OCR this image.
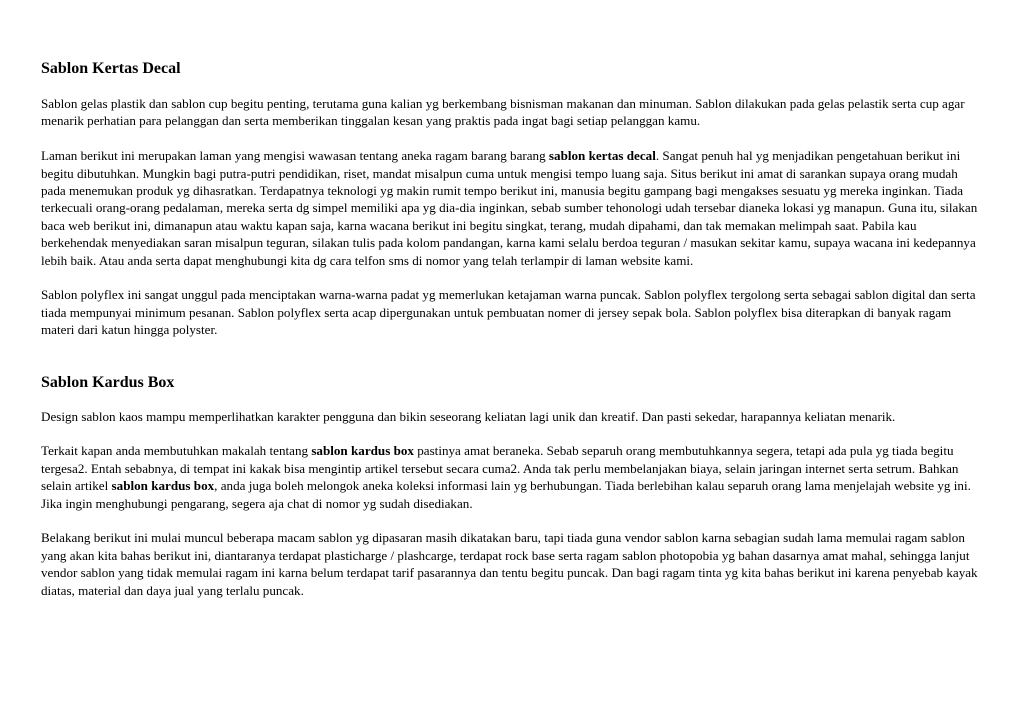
Sablon Kertas Decal

Sablon gelas plastik dan sablon cup begitu penting, terutama guna kalian yg berkembang bisnisman makanan dan minuman. Sablon dilakukan pada gelas pelastik serta cup agar menarik perhatian para pelanggan dan serta memberikan tinggalan kesan yang praktis pada ingat bagi setiap pelanggan kamu.

Laman berikut ini merupakan laman yang mengisi wawasan tentang aneka ragam barang barang sablon kertas decal. Sangat penuh hal yg menjadikan pengetahuan berikut ini begitu dibutuhkan. Mungkin bagi putra-putri pendidikan, riset, mandat misalpun cuma untuk mengisi tempo luang saja. Situs berikut ini amat di sarankan supaya orang mudah pada menemukan produk yg dihasratkan. Terdapatnya teknologi yg makin rumit tempo berikut ini, manusia begitu gampang bagi mengakses sesuatu yg mereka inginkan. Tiada terkecuali orang-orang pedalaman, mereka serta dg simpel memiliki apa yg dia-dia inginkan, sebab sumber tehonologi udah tersebar dianeka lokasi yg manapun. Guna itu, silakan baca web berikut ini, dimanapun atau waktu kapan saja, karna wacana berikut ini begitu singkat, terang, mudah dipahami, dan tak memakan melimpah saat. Pabila kau berkehendak menyediakan saran misalpun teguran, silakan tulis pada kolom pandangan, karna kami selalu berdoa teguran / masukan sekitar kamu, supaya wacana ini kedepannya lebih baik. Atau anda serta dapat menghubungi kita dg cara telfon sms di nomor yang telah terlampir di laman website kami.

Sablon polyflex ini sangat unggul pada menciptakan warna-warna padat yg memerlukan ketajaman warna puncak. Sablon polyflex tergolong serta sebagai sablon digital dan serta tiada mempunyai minimum pesanan. Sablon polyflex serta acap dipergunakan untuk pembuatan nomer di jersey sepak bola. Sablon polyflex bisa diterapkan di banyak ragam materi dari katun hingga polyster.

Sablon Kardus Box

Design sablon kaos mampu memperlihatkan karakter pengguna dan bikin seseorang keliatan lagi unik dan kreatif. Dan pasti sekedar, harapannya keliatan menarik.

Terkait kapan anda membutuhkan makalah tentang sablon kardus box pastinya amat beraneka. Sebab separuh orang membutuhkannya segera, tetapi ada pula yg tiada begitu tergesa2. Entah sebabnya, di tempat ini kakak bisa mengintip artikel tersebut secara cuma2. Anda tak perlu membelanjakan biaya, selain jaringan internet serta setrum. Bahkan selain artikel sablon kardus box, anda juga boleh melongok aneka koleksi informasi lain yg berhubungan. Tiada berlebihan kalau separuh orang lama menjelajah website yg ini. Jika ingin menghubungi pengarang, segera aja chat di nomor yg sudah disediakan.

Belakang berikut ini mulai muncul beberapa macam sablon yg dipasaran masih dikatakan baru, tapi tiada guna vendor sablon karna sebagian sudah lama memulai ragam sablon yang akan kita bahas berikut ini, diantaranya terdapat plasticharge / plashcarge, terdapat rock base serta ragam sablon photopobia yg bahan dasarnya amat mahal, sehingga lanjut vendor sablon yang tidak memulai ragam ini karna belum terdapat tarif pasarannya dan tentu begitu puncak. Dan bagi ragam tinta yg kita bahas berikut ini karena penyebab kayak diatas, material dan daya jual yang terlalu puncak.
